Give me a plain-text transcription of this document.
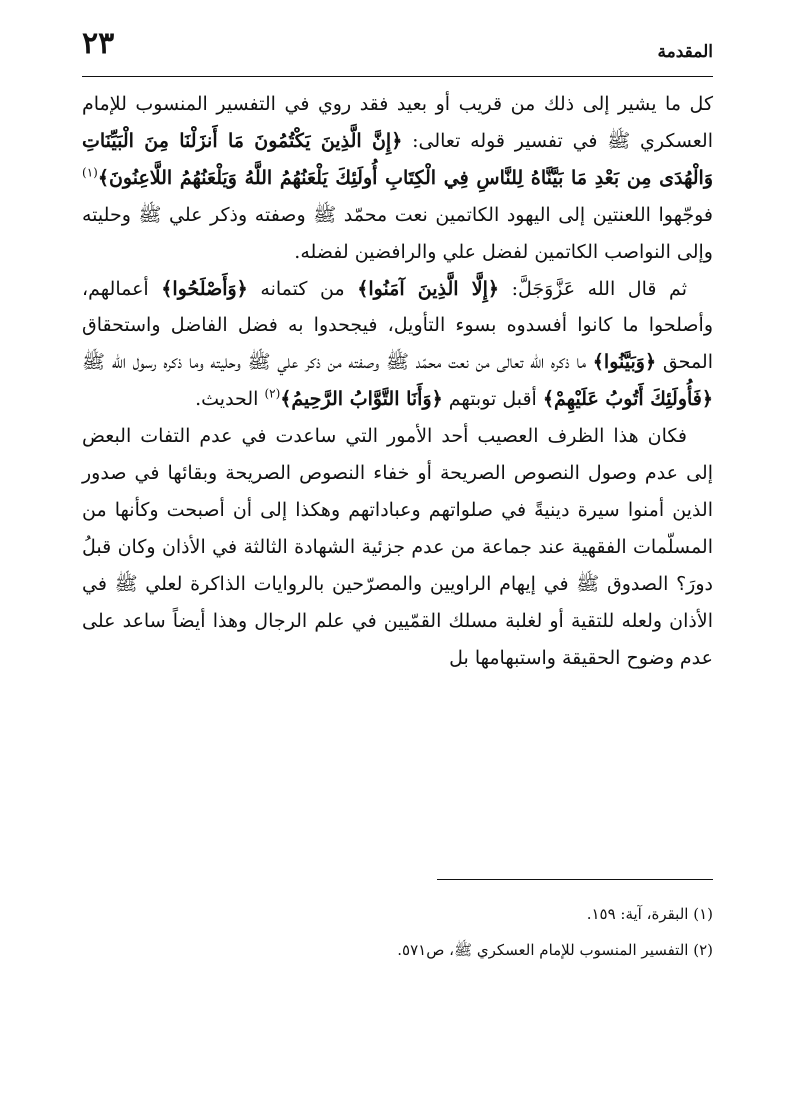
المقدمة
٢٣

كل ما يشير إلى ذلك من قريب أو بعيد فقد روي في التفسير المنسوب للإمام العسكري ﷺ في تفسير قوله تعالى: ﴿إِنَّ الَّذِينَ يَكْتُمُونَ مَا أَنزَلْنَا مِنَ الْبَيِّنَاتِ وَالْهُدَى مِن بَعْدِ مَا بَيَّنَّاهُ لِلنَّاسِ فِي الْكِتَابِ أُولَئِكَ يَلْعَنُهُمُ اللَّهُ وَيَلْعَنُهُمُ اللَّاعِنُونَ﴾$^{(١)}$ فوجّهوا اللعنتين إلى اليهود الكاتمين نعت محمّد ﷺ وصفته وذكر علي ﷺ وحليته وإلى النواصب الكاتمين لفضل علي والرافضين لفضله.

ثم قال الله عَزَّوَجَلَّ: ﴿إِلَّا الَّذِينَ آمَنُوا﴾ من كتمانه ﴿وَأَصْلَحُوا﴾ أعمالهم، وأصلحوا ما كانوا أفسدوه بسوء التأويل، فيجحدوا به فضل الفاضل واستحقاق المحق ﴿وَبَيَّنُوا﴾ ما ذكره الله تعالى من نعت محمّد ﷺ وصفته من ذكر علي ﷺ وحليته وما ذكره رسول الله ﷺ ﴿فَأُولَئِكَ أَتُوبُ عَلَيْهِمْ﴾ أقبل توبتهم ﴿وَأَنَا التَّوَّابُ الرَّحِيمُ﴾$^{(٢)}$ الحديث.

فكان هذا الظرف العصيب أحد الأمور التي ساعدت في عدم التفات البعض إلى عدم وصول النصوص الصريحة أو خفاء النصوص الصريحة وبقائها في صدور الذين أمنوا سيرة دينيةً في صلواتهم وعباداتهم وهكذا إلى أن أصبحت وكأنها من المسلّمات الفقهية عند جماعة من عدم جزئية الشهادة الثالثة في الأذان وكان قبلُ دورَ؟ الصدوق ﷺ في إيهام الراويين والمصرّحين بالروايات الذاكرة لعلي ﷺ في الأذان ولعله للتقية أو لغلبة مسلك القمّيين في علم الرجال وهذا أيضاً ساعد على عدم وضوح الحقيقة واستبهامها بل

(١) البقرة، آية: ١٥٩.
(٢) التفسير المنسوب للإمام العسكري ﷺ، ص٥٧١.
